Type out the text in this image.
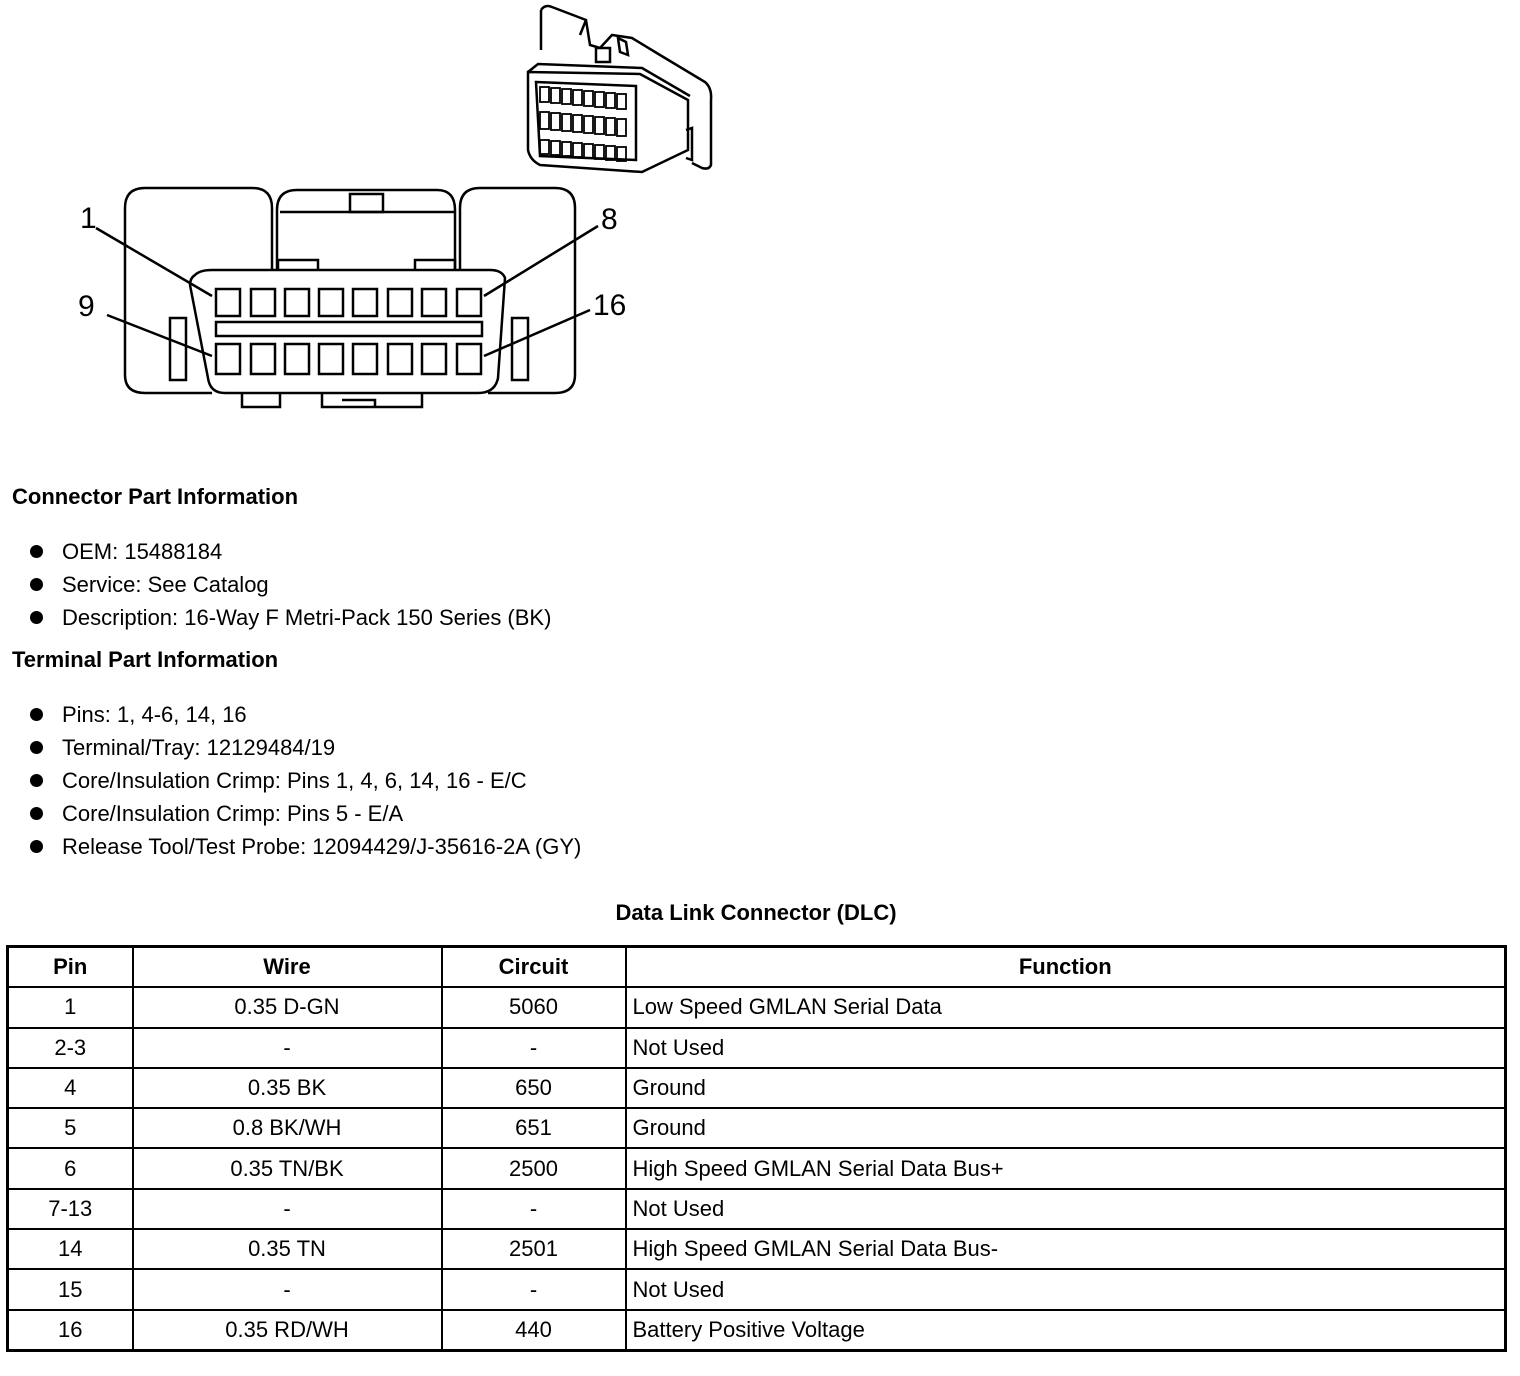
1	8
9	16
Connector Part Information
OEM: 15488184
Service: See Catalog
Description: 16-Way F Metri-Pack 150 Series (BK)
Terminal Part Information
Pins: 1, 4-6, 14, 16
Terminal/Tray: 12129484/19
Core/Insulation Crimp: Pins 1, 4, 6, 14, 16 - E/C
Core/Insulation Crimp: Pins 5 - E/A
Release Tool/Test Probe: 12094429/J-35616-2A (GY)
Data Link Connector (DLC)
Pin	Wire	Circuit	Function
1	0.35 D-GN	5060	Low Speed GMLAN Serial Data
2-3	-	-	Not Used
4	0.35 BK	650	Ground
5	0.8 BK/WH	651	Ground
6	0.35 TN/BK	2500	High Speed GMLAN Serial Data Bus+
7-13	-	-	Not Used
14	0.35 TN	2501	High Speed GMLAN Serial Data Bus-
15	-	-	Not Used
16	0.35 RD/WH	440	Battery Positive Voltage
